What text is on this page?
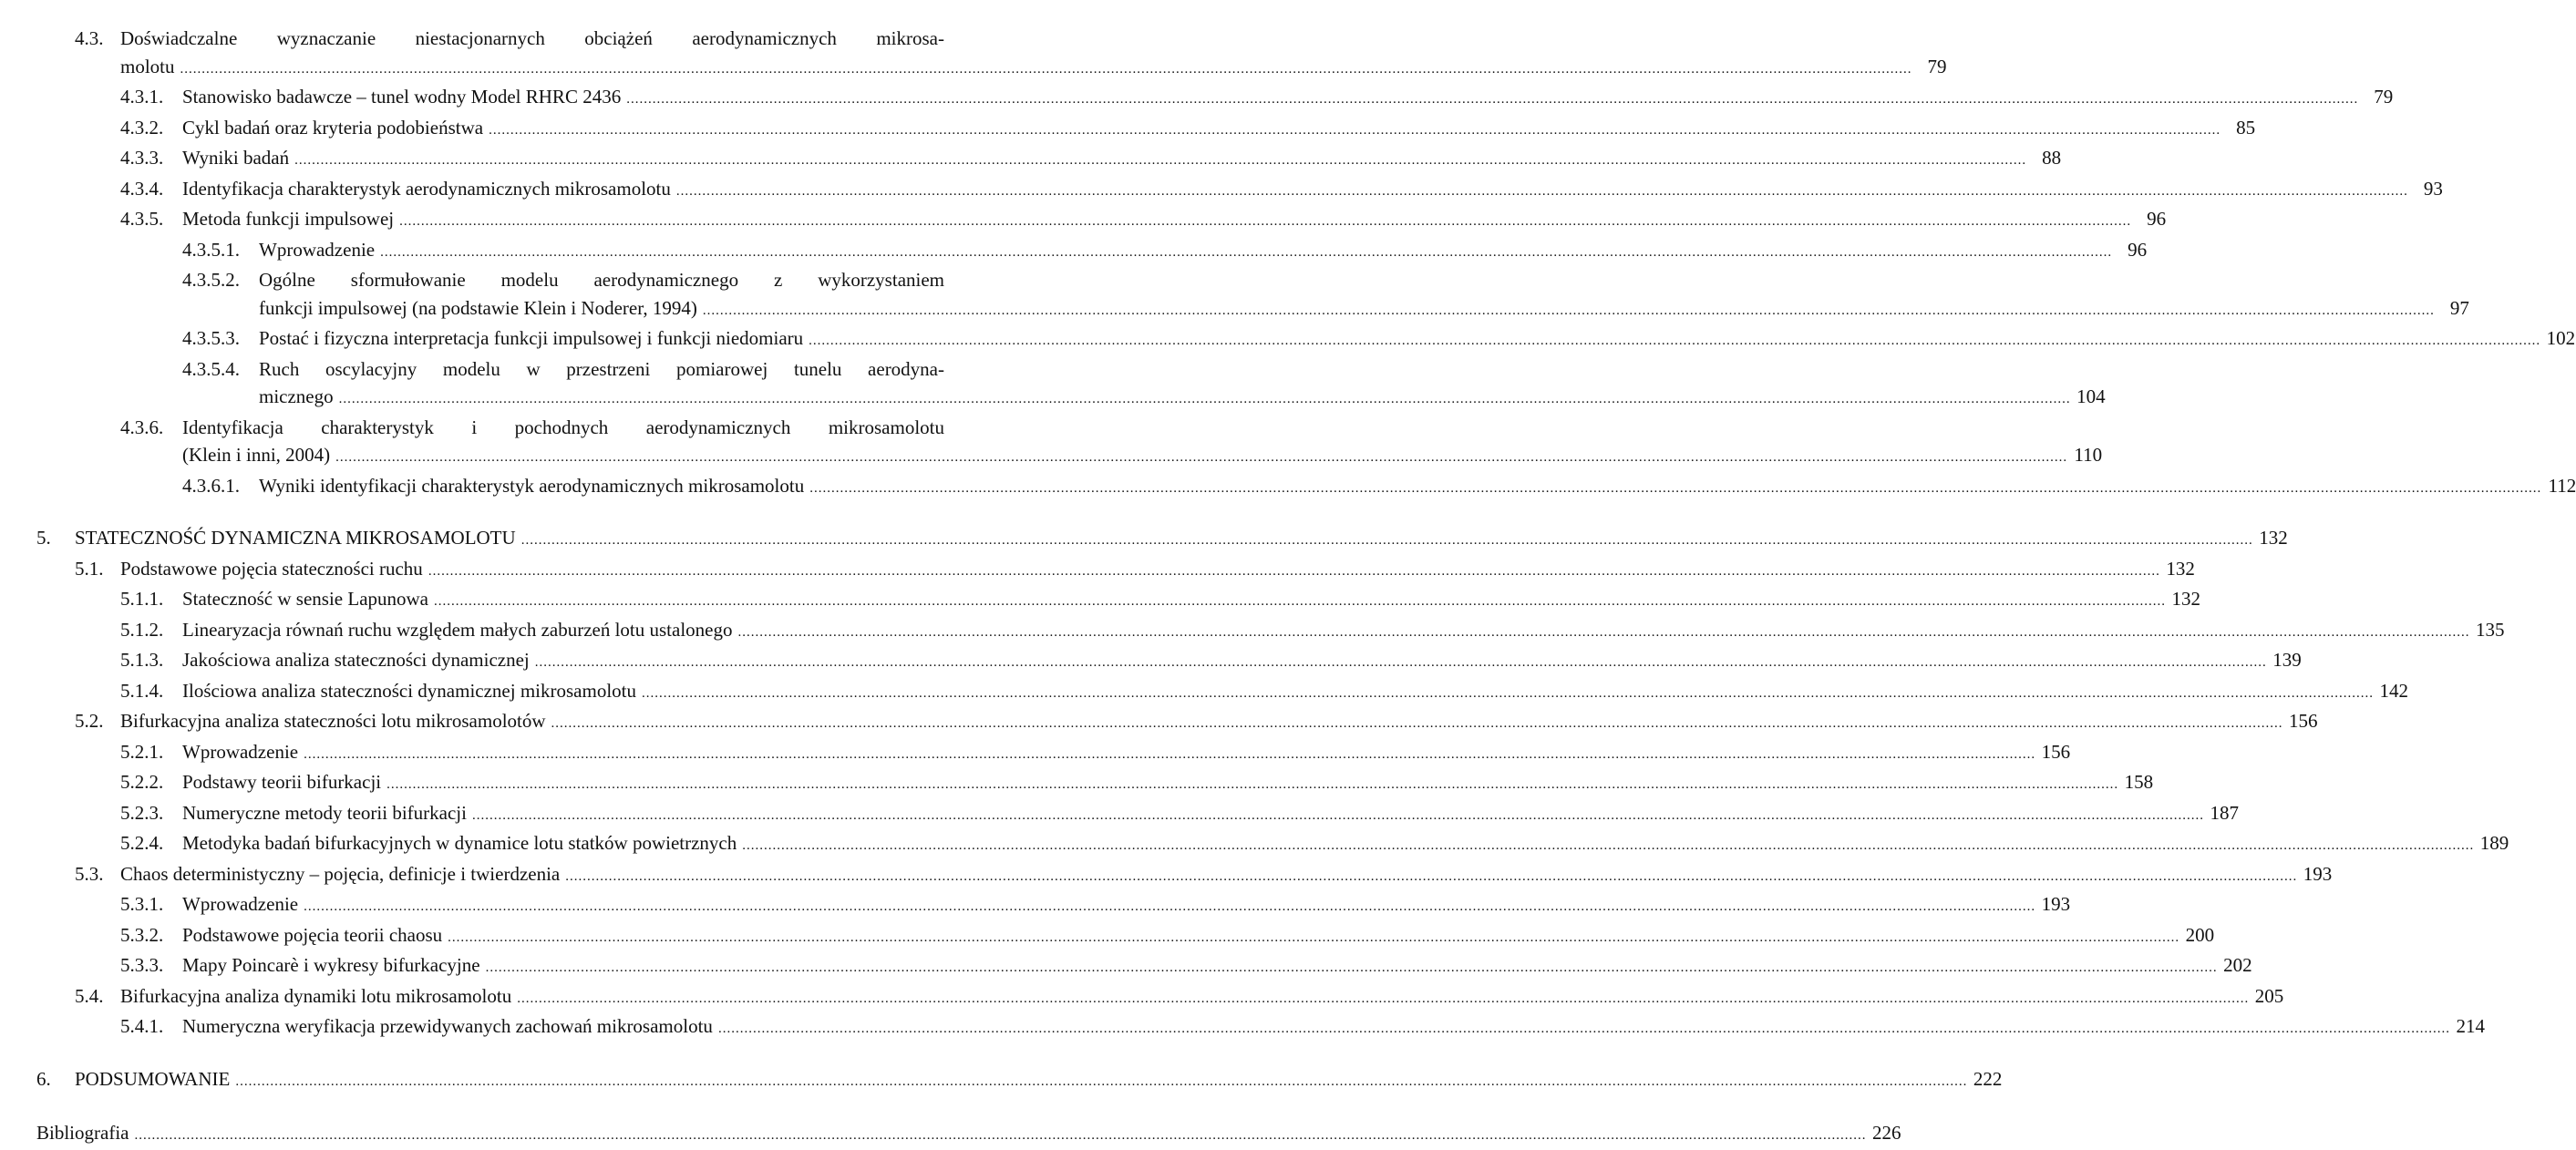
4.3. Doświadczalne wyznaczanie niestacjonarnych obciążeń aerodynamicznych mikrosa-
molotu ................................................................................................................................................................................................................................................................................................................................................................................................................ 79
4.3.1. Stanowisko badawcze – tunel wodny Model RHRC 2436 ................................................................................................................................................................................................................................................................................................................................................................................................................ 79
4.3.2. Cykl badań oraz kryteria podobieństwa ................................................................................................................................................................................................................................................................................................................................................................................................................ 85
4.3.3. Wyniki badań ................................................................................................................................................................................................................................................................................................................................................................................................................ 88
4.3.4. Identyfikacja charakterystyk aerodynamicznych mikrosamolotu ................................................................................................................................................................................................................................................................................................................................................................................................................ 93
4.3.5. Metoda funkcji impulsowej ................................................................................................................................................................................................................................................................................................................................................................................................................ 96
4.3.5.1. Wprowadzenie ................................................................................................................................................................................................................................................................................................................................................................................................................ 96
4.3.5.2. Ogólne sformułowanie modelu aerodynamicznego z wykorzystaniem
funkcji impulsowej (na podstawie Klein i Noderer, 1994) ................................................................................................................................................................................................................................................................................................................................................................................................................ 97
4.3.5.3. Postać i fizyczna interpretacja funkcji impulsowej i funkcji niedomiaru ................................................................................................................................................................................................................................................................................................................................................................................................................ 102
4.3.5.4. Ruch oscylacyjny modelu w przestrzeni pomiarowej tunelu aerodyna-
micznego ................................................................................................................................................................................................................................................................................................................................................................................................................ 104
4.3.6. Identyfikacja charakterystyk i pochodnych aerodynamicznych mikrosamolotu
(Klein i inni, 2004) ................................................................................................................................................................................................................................................................................................................................................................................................................ 110
4.3.6.1. Wyniki identyfikacji charakterystyk aerodynamicznych mikrosamolotu ................................................................................................................................................................................................................................................................................................................................................................................................................ 112
5. STATECZNOŚĆ DYNAMICZNA MIKROSAMOLOTU ................................................................................................................................................................................................................................................................................................................................................................................................................ 132
5.1. Podstawowe pojęcia stateczności ruchu ................................................................................................................................................................................................................................................................................................................................................................................................................ 132
5.1.1. Stateczność w sensie Lapunowa ................................................................................................................................................................................................................................................................................................................................................................................................................ 132
5.1.2. Linearyzacja równań ruchu względem małych zaburzeń lotu ustalonego ................................................................................................................................................................................................................................................................................................................................................................................................................ 135
5.1.3. Jakościowa analiza stateczności dynamicznej ................................................................................................................................................................................................................................................................................................................................................................................................................ 139
5.1.4. Ilościowa analiza stateczności dynamicznej mikrosamolotu ................................................................................................................................................................................................................................................................................................................................................................................................................ 142
5.2. Bifurkacyjna analiza stateczności lotu mikrosamolotów ................................................................................................................................................................................................................................................................................................................................................................................................................ 156
5.2.1. Wprowadzenie ................................................................................................................................................................................................................................................................................................................................................................................................................ 156
5.2.2. Podstawy teorii bifurkacji ................................................................................................................................................................................................................................................................................................................................................................................................................ 158
5.2.3. Numeryczne metody teorii bifurkacji ................................................................................................................................................................................................................................................................................................................................................................................................................ 187
5.2.4. Metodyka badań bifurkacyjnych w dynamice lotu statków powietrznych ................................................................................................................................................................................................................................................................................................................................................................................................................ 189
5.3. Chaos deterministyczny – pojęcia, definicje i twierdzenia ................................................................................................................................................................................................................................................................................................................................................................................................................ 193
5.3.1. Wprowadzenie ................................................................................................................................................................................................................................................................................................................................................................................................................ 193
5.3.2. Podstawowe pojęcia teorii chaosu ................................................................................................................................................................................................................................................................................................................................................................................................................ 200
5.3.3. Mapy Poincarè i wykresy bifurkacyjne ................................................................................................................................................................................................................................................................................................................................................................................................................ 202
5.4. Bifurkacyjna analiza dynamiki lotu mikrosamolotu ................................................................................................................................................................................................................................................................................................................................................................................................................ 205
5.4.1. Numeryczna weryfikacja przewidywanych zachowań mikrosamolotu ................................................................................................................................................................................................................................................................................................................................................................................................................ 214
6. PODSUMOWANIE ................................................................................................................................................................................................................................................................................................................................................................................................................ 222
Bibliografia ................................................................................................................................................................................................................................................................................................................................................................................................................ 226
